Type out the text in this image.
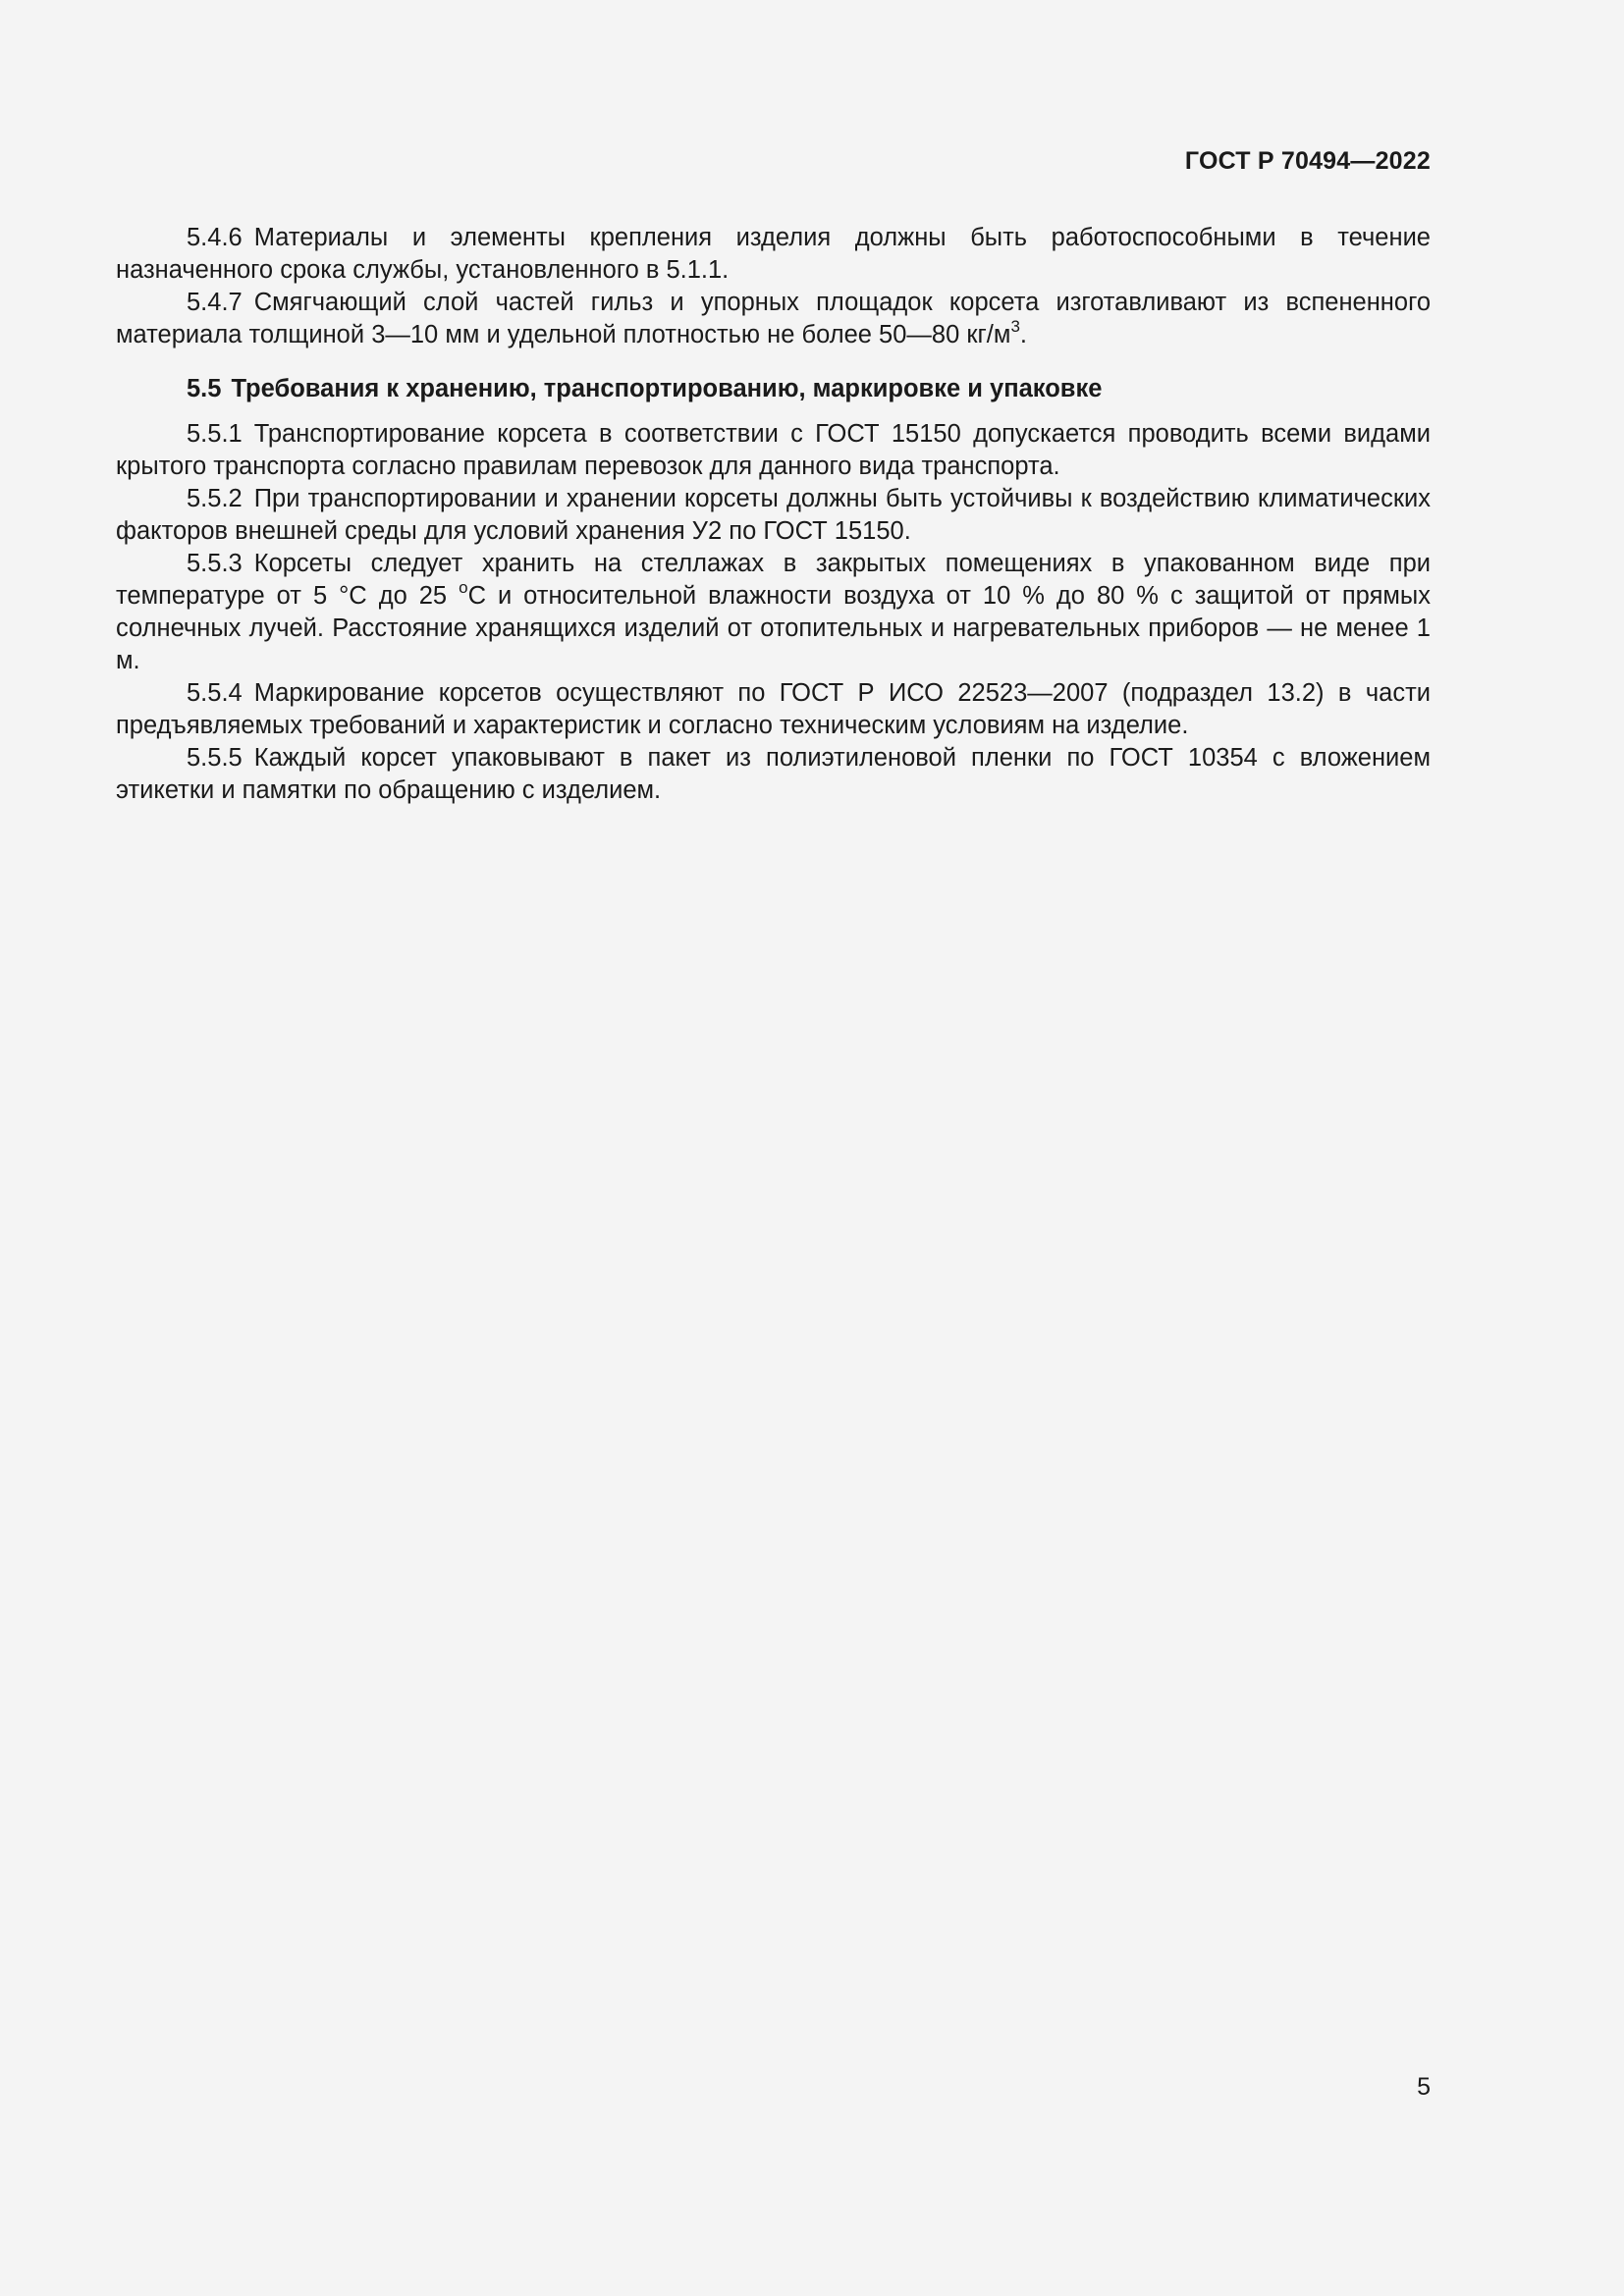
ГОСТ Р 70494—2022

5.4.6 Материалы и элементы крепления изделия должны быть работоспособными в течение назначенного срока службы, установленного в 5.1.1.

5.4.7 Смягчающий слой частей гильз и упорных площадок корсета изготавливают из вспененного материала толщиной 3—10 мм и удельной плотностью не более 50—80 $кг/м^3$.

5.5 Требования к хранению, транспортированию, маркировке и упаковке

5.5.1 Транспортирование корсета в соответствии с ГОСТ 15150 допускается проводить всеми видами крытого транспорта согласно правилам перевозок для данного вида транспорта.

5.5.2 При транспортировании и хранении корсеты должны быть устойчивы к воздействию климатических факторов внешней среды для условий хранения У2 по ГОСТ 15150.

5.5.3 Корсеты следует хранить на стеллажах в закрытых помещениях в упакованном виде при температуре от 5 °С до 25 $^о$С и относительной влажности воздуха от 10 % до 80 % с защитой от прямых солнечных лучей. Расстояние хранящихся изделий от отопительных и нагревательных приборов — не менее 1 м.

5.5.4 Маркирование корсетов осуществляют по ГОСТ Р ИСО 22523—2007 (подраздел 13.2) в части предъявляемых требований и характеристик и согласно техническим условиям на изделие.

5.5.5 Каждый корсет упаковывают в пакет из полиэтиленовой пленки по ГОСТ 10354 с вложением этикетки и памятки по обращению с изделием.

5
